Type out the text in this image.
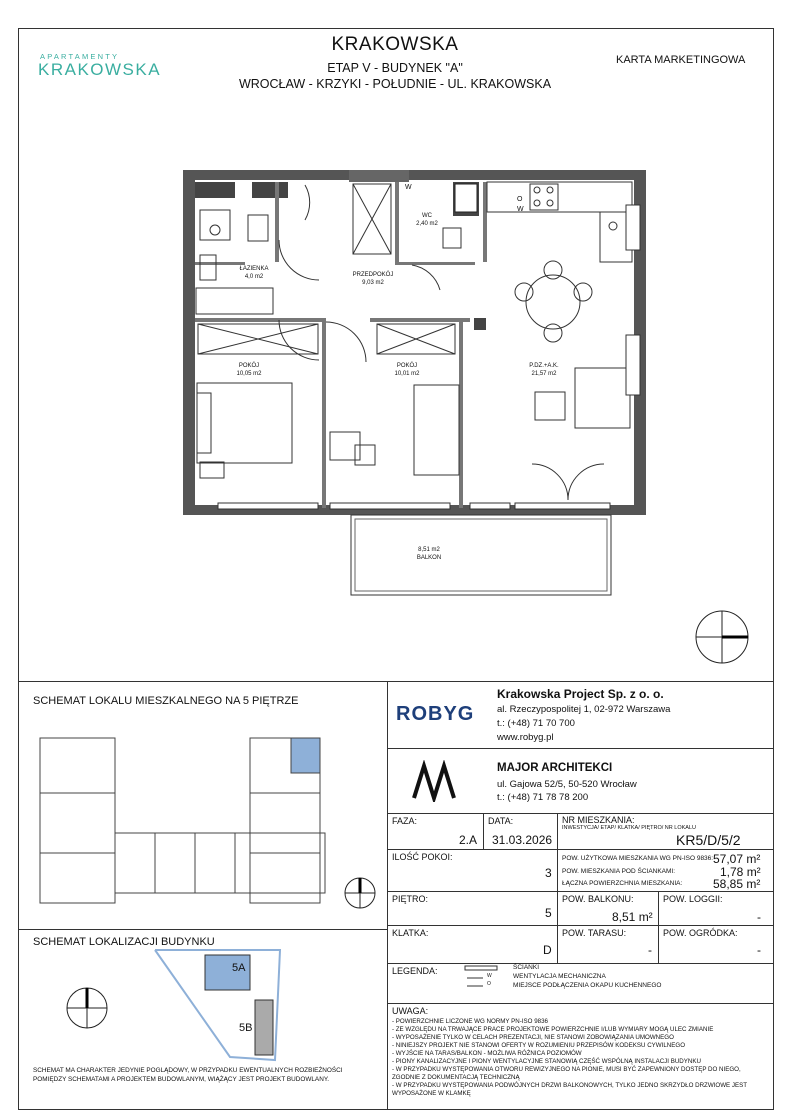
APARTAMENTY
KRAKOWSKA
KRAKOWSKA
ETAP V - BUDYNEK "A"
WROCŁAW - KRZYKI - POŁUDNIE - UL. KRAKOWSKA
KARTA MARKETINGOWA
ŁAZIENKA
4,0 m2
WC
2,40 m2
PRZEDPOKÓJ
9,03 m2
POKÓJ
10,05 m2
POKÓJ
10,01 m2
P.DZ.+A.K.
21,57 m2
8,51 m2
BALKON
W
O
W
SCHEMAT LOKALU MIESZKALNEGO NA 5 PIĘTRZE
SCHEMAT LOKALIZACJI BUDYNKU
5A
5B
SCHEMAT MA CHARAKTER JEDYNIE POGLĄDOWY, W PRZYPADKU EWENTUALNYCH ROZBIEŻNOŚCI POMIĘDZY SCHEMATAMI A PROJEKTEM BUDOWLANYM, WIĄŻĄCY JEST PROJEKT BUDOWLANY.
ROBYG
Krakowska Project Sp. z o. o.
al. Rzeczypospolitej 1, 02-972 Warszawa
t.: (+48) 71 70 700
www.robyg.pl
MAJOR ARCHITEKCI
ul. Gajowa 52/5, 50-520 Wrocław
t.: (+48) 71 78 78 200
FAZA:
2.A
DATA:
31.03.2026
NR MIESZKANIA:
INWESTYCJA/ ETAP/ KLATKA/ PIĘTRO/ NR LOKALU
KR5/D/5/2
ILOŚĆ POKOI:
3
POW. UŻYTKOWA MIESZKANIA WG PN-ISO 9836: 57,07 m²
POW. MIESZKANIA POD ŚCIANKAMI:	1,78 m²
ŁĄCZNA POWIERZCHNIA MIESZKANIA:	58,85 m²
PIĘTRO:
5
POW. BALKONU:
8,51 m²
POW. LOGGII:
-
KLATKA:
D
POW. TARASU:
-
POW. OGRÓDKA:
-
LEGENDA:	W
O
ŚCIANKI
WENTYLACJA MECHANICZNA
MIEJSCE PODŁĄCZENIA OKAPU KUCHENNEGO
UWAGA:
- POWIERZCHNIE LICZONE WG NORMY PN-ISO 9836
- ZE WZGLĘDU NA TRWAJĄCE PRACE PROJEKTOWE POWIERZCHNIE I/LUB WYMIARY MOGĄ ULEC ZMIANIE
- WYPOSAŻENIE TYLKO W CELACH PREZENTACJI, NIE STANOWI ZOBOWIĄZANIA UMOWNEGO
- NINIEJSZY PROJEKT NIE STANOWI OFERTY W ROZUMIENIU PRZEPISÓW KODEKSU CYWILNEGO
- WYJŚCIE NA TARAS/BALKON - MOŻLIWA RÓŻNICA POZIOMÓW
- PIONY KANALIZACYJNE I PIONY WENTYLACYJNE STANOWIĄ CZĘŚĆ WSPÓLNĄ INSTALACJI BUDYNKU
- W PRZYPADKU WYSTĘPOWANIA OTWORU REWIZYJNEGO NA PIONIE, MUSI BYĆ ZAPEWNIONY DOSTĘP DO NIEGO, ZGODNIE Z DOKUMENTACJĄ TECHNICZNĄ
- W PRZYPADKU WYSTĘPOWANIA PODWÓJNYCH DRZWI BALKONOWYCH, TYLKO JEDNO SKRZYDŁO DRZWIOWE JEST WYPOSAŻONE W KLAMKĘ
